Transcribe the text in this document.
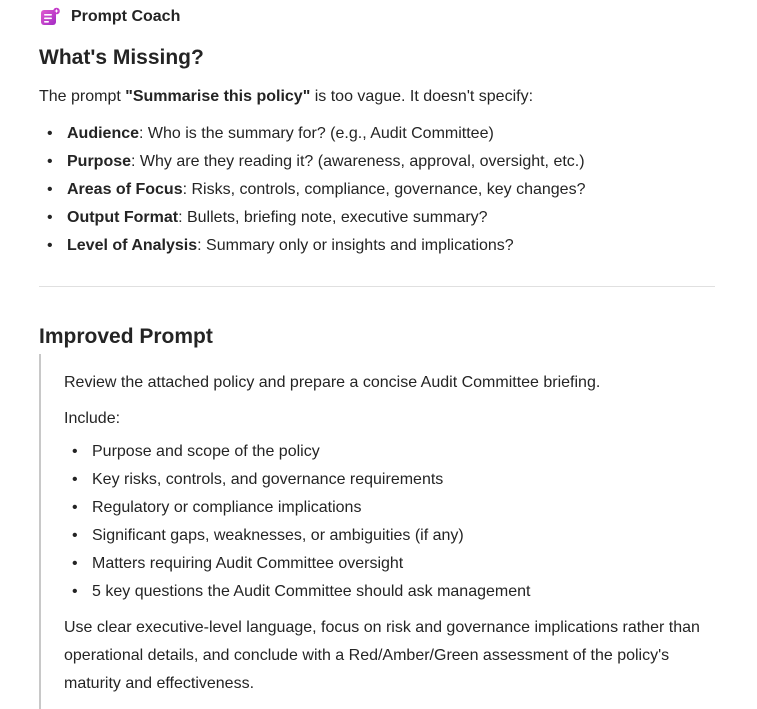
Prompt Coach
What's Missing?
The prompt "Summarise this policy" is too vague. It doesn't specify:
• Audience: Who is the summary for? (e.g., Audit Committee)
• Purpose: Why are they reading it? (awareness, approval, oversight, etc.)
• Areas of Focus: Risks, controls, compliance, governance, key changes?
• Output Format: Bullets, briefing note, executive summary?
• Level of Analysis: Summary only or insights and implications?
Improved Prompt
Review the attached policy and prepare a concise Audit Committee briefing.
Include:
• Purpose and scope of the policy
• Key risks, controls, and governance requirements
• Regulatory or compliance implications
• Significant gaps, weaknesses, or ambiguities (if any)
• Matters requiring Audit Committee oversight
• 5 key questions the Audit Committee should ask management
Use clear executive-level language, focus on risk and governance implications rather than operational details, and conclude with a Red/Amber/Green assessment of the policy's maturity and effectiveness.
